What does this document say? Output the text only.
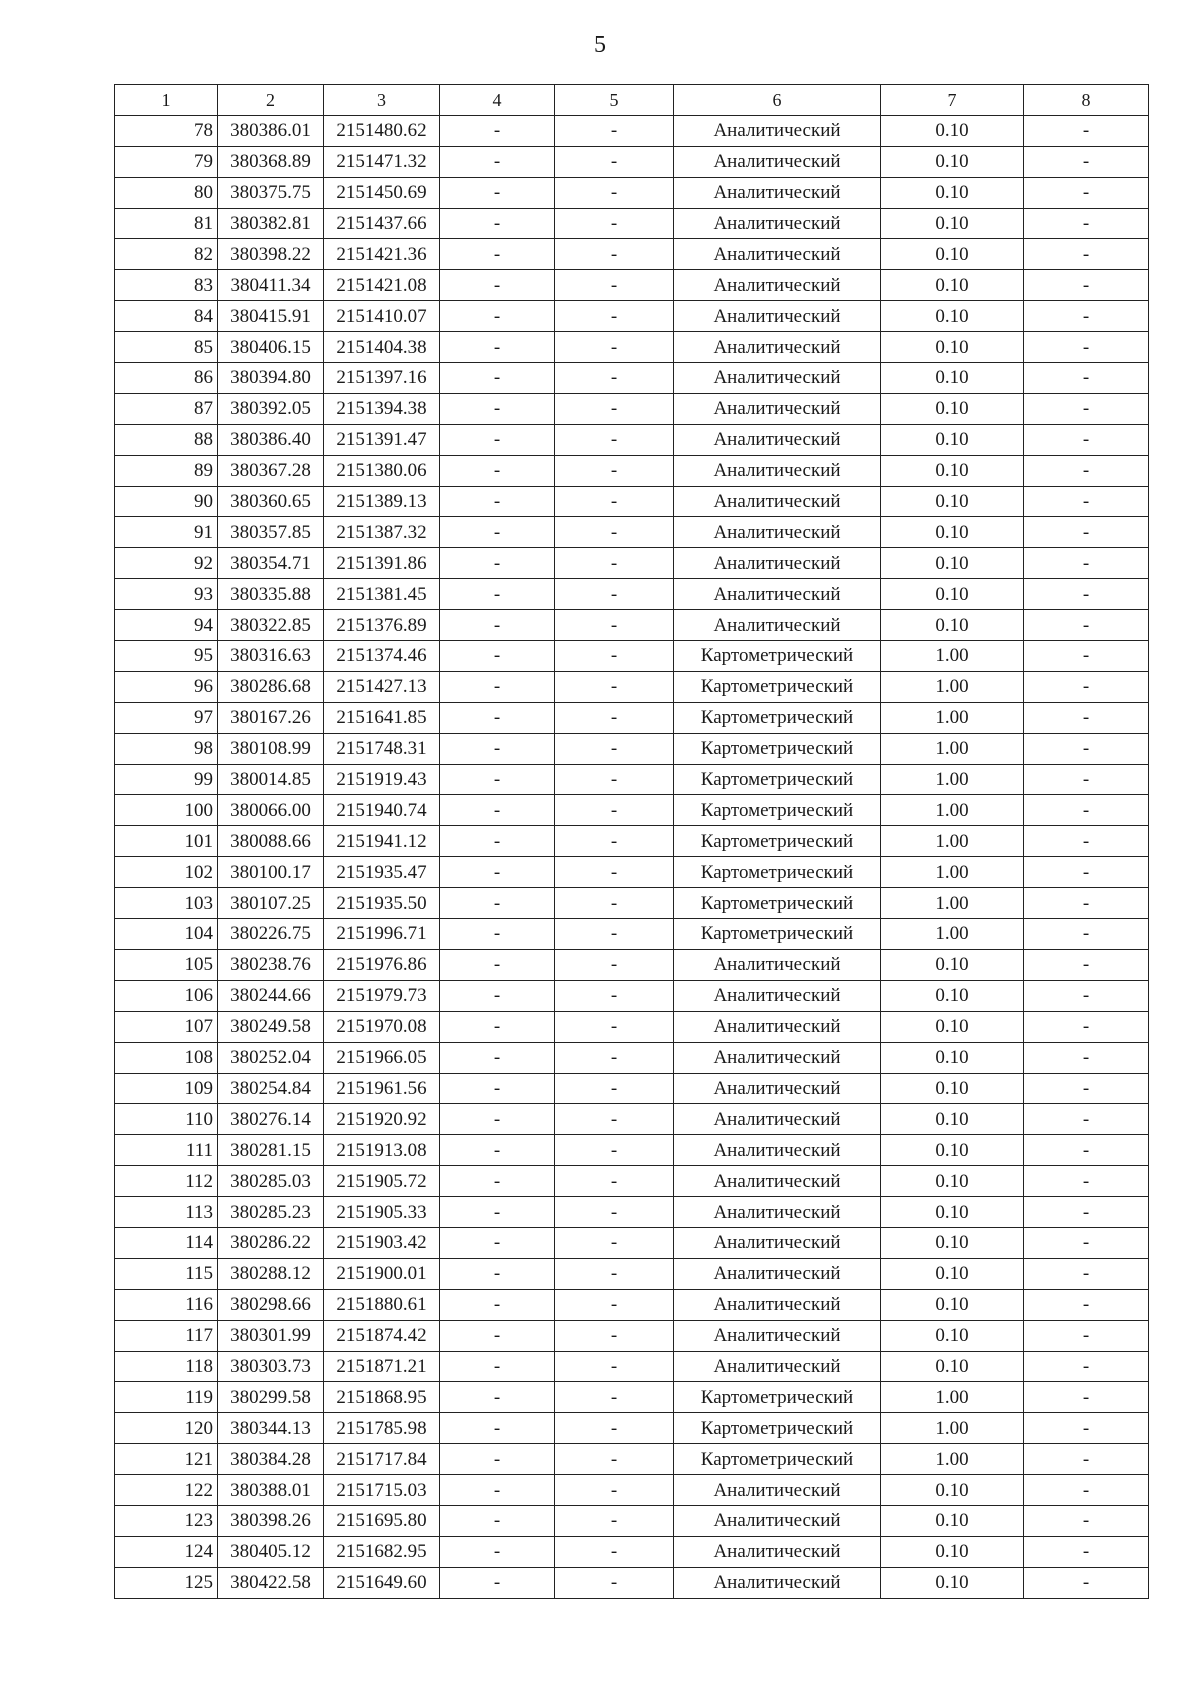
5
1	2	3	4	5	6	7	8
78	380386.01	2151480.62	-	-	Аналитический	0.10	-
79	380368.89	2151471.32	-	-	Аналитический	0.10	-
80	380375.75	2151450.69	-	-	Аналитический	0.10	-
81	380382.81	2151437.66	-	-	Аналитический	0.10	-
82	380398.22	2151421.36	-	-	Аналитический	0.10	-
83	380411.34	2151421.08	-	-	Аналитический	0.10	-
84	380415.91	2151410.07	-	-	Аналитический	0.10	-
85	380406.15	2151404.38	-	-	Аналитический	0.10	-
86	380394.80	2151397.16	-	-	Аналитический	0.10	-
87	380392.05	2151394.38	-	-	Аналитический	0.10	-
88	380386.40	2151391.47	-	-	Аналитический	0.10	-
89	380367.28	2151380.06	-	-	Аналитический	0.10	-
90	380360.65	2151389.13	-	-	Аналитический	0.10	-
91	380357.85	2151387.32	-	-	Аналитический	0.10	-
92	380354.71	2151391.86	-	-	Аналитический	0.10	-
93	380335.88	2151381.45	-	-	Аналитический	0.10	-
94	380322.85	2151376.89	-	-	Аналитический	0.10	-
95	380316.63	2151374.46	-	-	Картометрический	1.00	-
96	380286.68	2151427.13	-	-	Картометрический	1.00	-
97	380167.26	2151641.85	-	-	Картометрический	1.00	-
98	380108.99	2151748.31	-	-	Картометрический	1.00	-
99	380014.85	2151919.43	-	-	Картометрический	1.00	-
100	380066.00	2151940.74	-	-	Картометрический	1.00	-
101	380088.66	2151941.12	-	-	Картометрический	1.00	-
102	380100.17	2151935.47	-	-	Картометрический	1.00	-
103	380107.25	2151935.50	-	-	Картометрический	1.00	-
104	380226.75	2151996.71	-	-	Картометрический	1.00	-
105	380238.76	2151976.86	-	-	Аналитический	0.10	-
106	380244.66	2151979.73	-	-	Аналитический	0.10	-
107	380249.58	2151970.08	-	-	Аналитический	0.10	-
108	380252.04	2151966.05	-	-	Аналитический	0.10	-
109	380254.84	2151961.56	-	-	Аналитический	0.10	-
110	380276.14	2151920.92	-	-	Аналитический	0.10	-
111	380281.15	2151913.08	-	-	Аналитический	0.10	-
112	380285.03	2151905.72	-	-	Аналитический	0.10	-
113	380285.23	2151905.33	-	-	Аналитический	0.10	-
114	380286.22	2151903.42	-	-	Аналитический	0.10	-
115	380288.12	2151900.01	-	-	Аналитический	0.10	-
116	380298.66	2151880.61	-	-	Аналитический	0.10	-
117	380301.99	2151874.42	-	-	Аналитический	0.10	-
118	380303.73	2151871.21	-	-	Аналитический	0.10	-
119	380299.58	2151868.95	-	-	Картометрический	1.00	-
120	380344.13	2151785.98	-	-	Картометрический	1.00	-
121	380384.28	2151717.84	-	-	Картометрический	1.00	-
122	380388.01	2151715.03	-	-	Аналитический	0.10	-
123	380398.26	2151695.80	-	-	Аналитический	0.10	-
124	380405.12	2151682.95	-	-	Аналитический	0.10	-
125	380422.58	2151649.60	-	-	Аналитический	0.10	-
